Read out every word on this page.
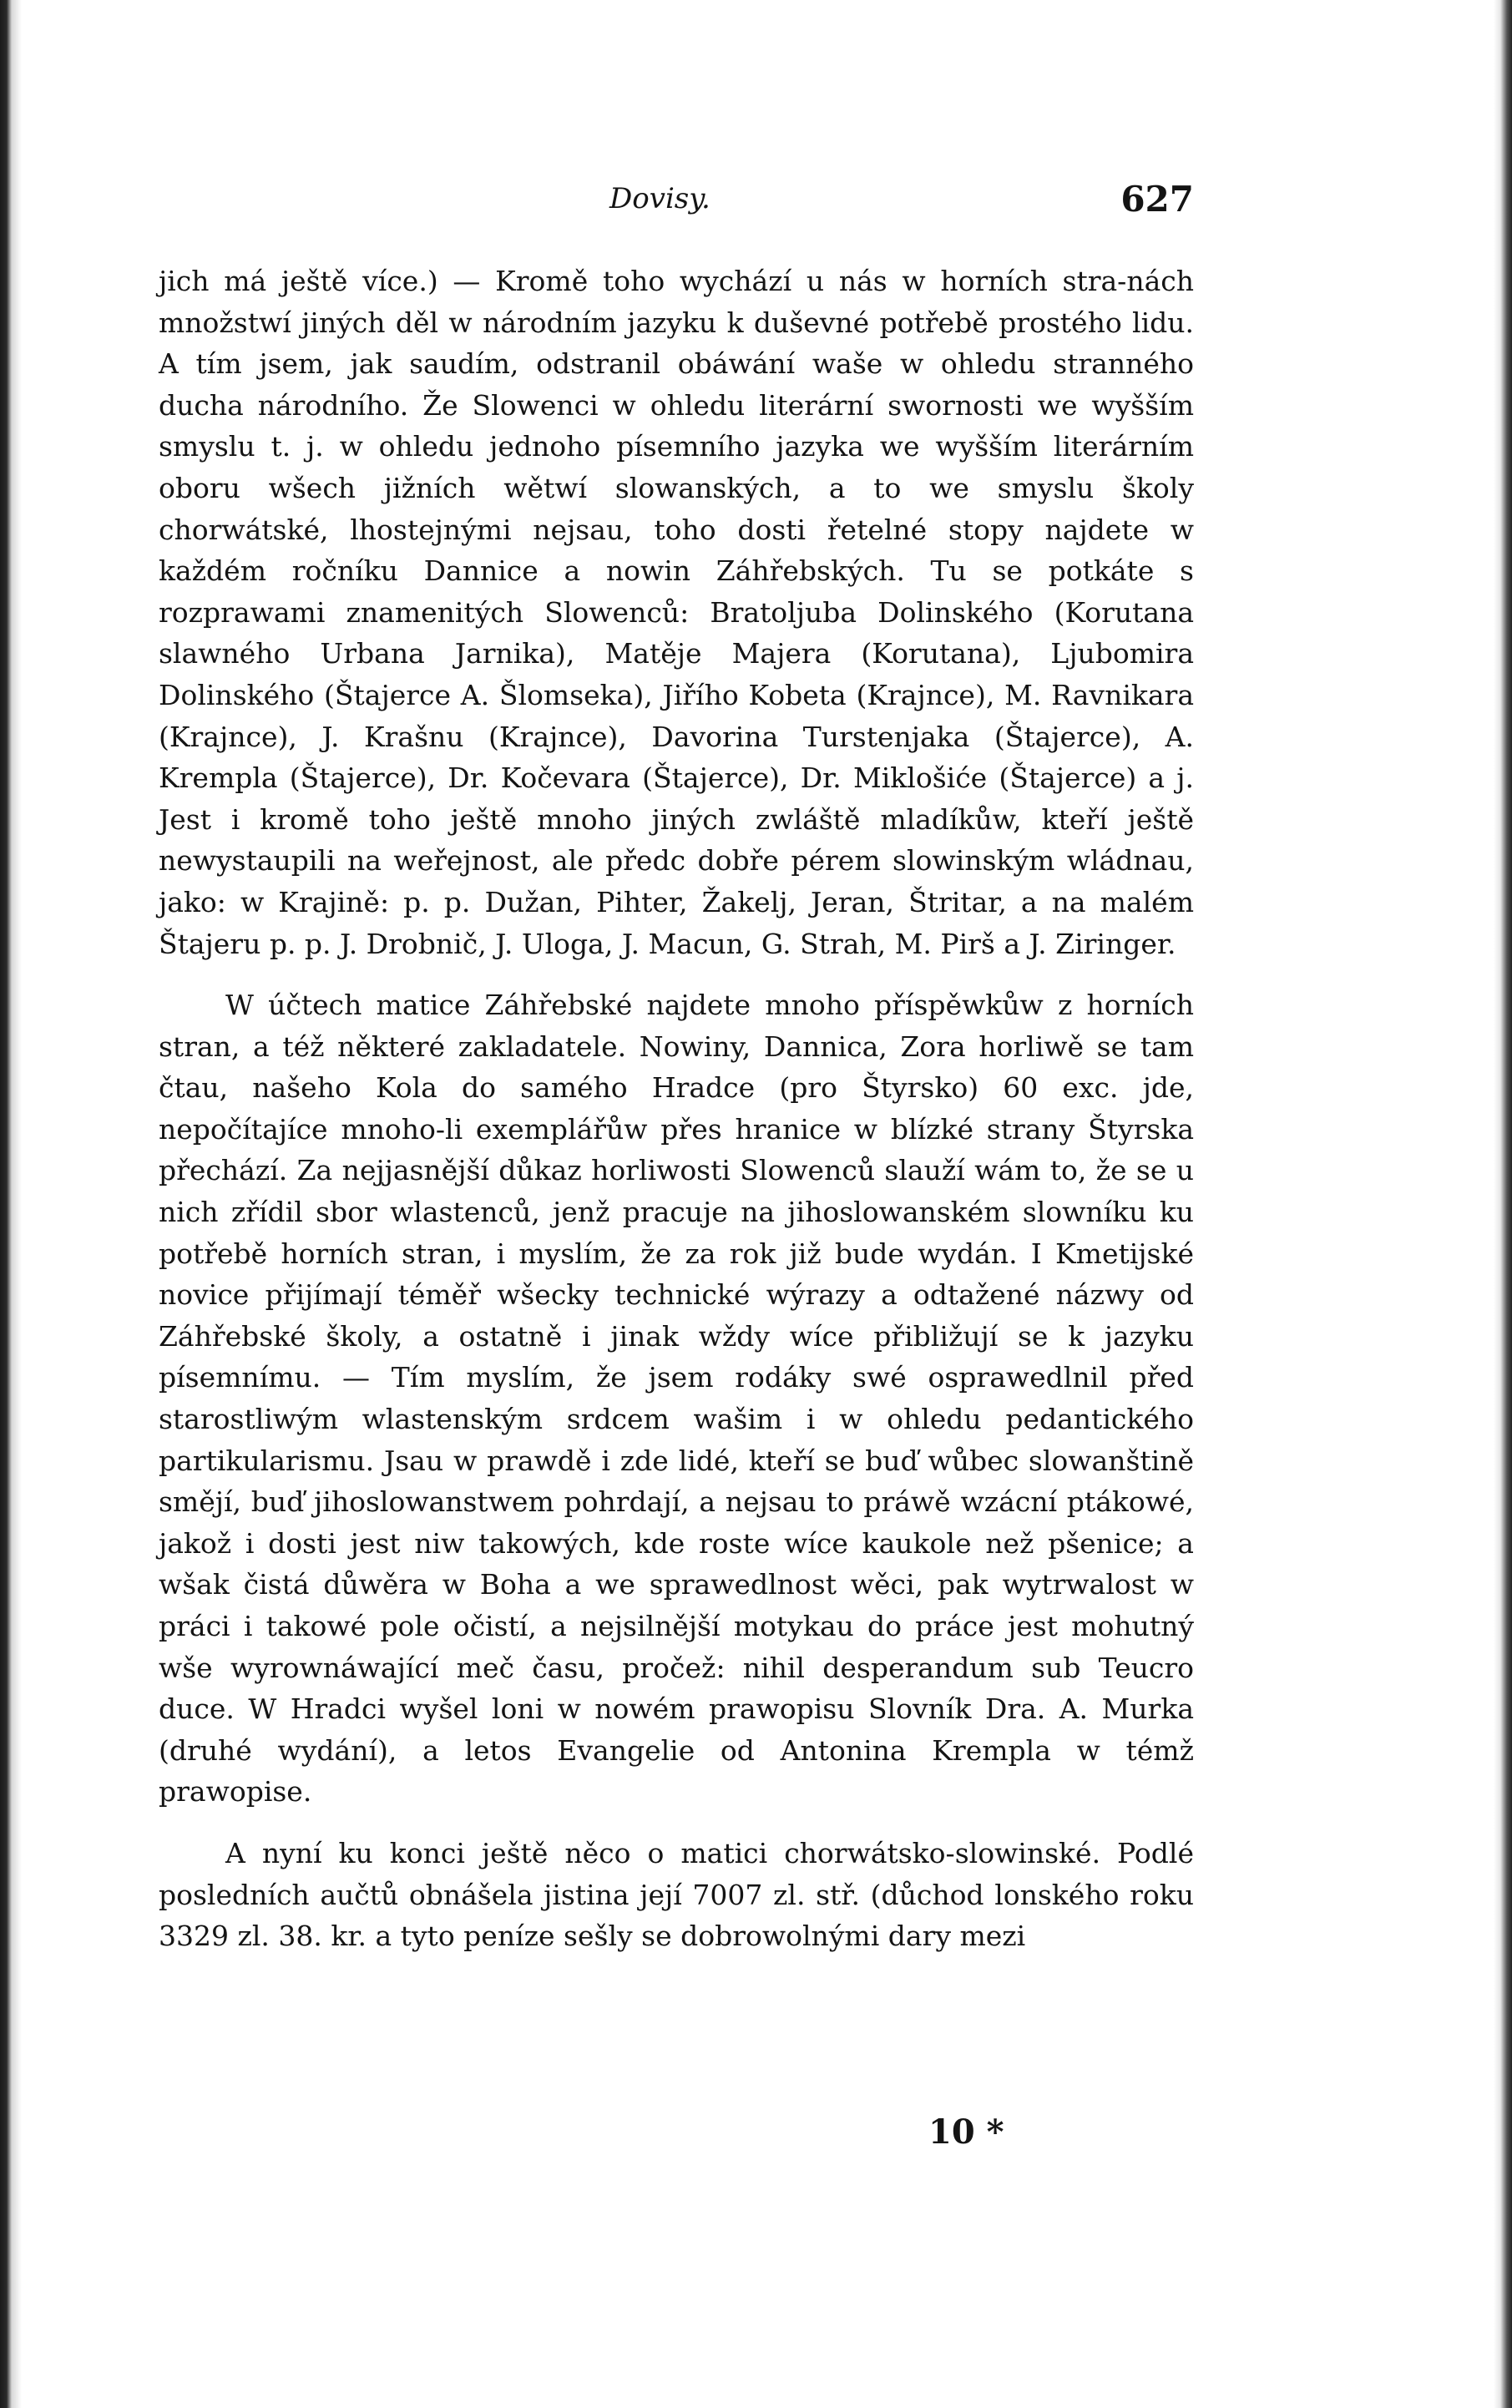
Dovisy.	627

jich má ještě více.) — Kromě toho wychází u nás w horních stra-nách množstwí jiných děl w národním jazyku k duševné potřebě prostého lidu. A tím jsem, jak saudím, odstranil obáwání waše w ohledu stranného ducha národního. Že Slowenci w ohledu literární swornosti we wyšším smyslu t. j. w ohledu jednoho písemního jazyka we wyšším literárním oboru wšech jižních wětwí slowanských, a to we smyslu školy chorwátské, lhostejnými nejsau, toho dosti řetelné stopy najdete w každém ročníku Dannice a nowin Záhřebských. Tu se potkáte s rozprawami znamenitých Slowenců: Bratoljuba Dolinského (Korutana slawného Urbana Jarnika), Matěje Majera (Korutana), Ljubomira Dolinského (Štajerce A. Šlomseka), Jiřího Kobeta (Krajnce), M. Ravnikara (Krajnce), J. Krašnu (Krajnce), Davorina Turstenjaka (Štajerce), A. Krempla (Štajerce), Dr. Kočevara (Štajerce), Dr. Miklošiće (Štajerce) a j. Jest i kromě toho ještě mnoho jiných zwláště mladíkůw, kteří ještě newystaupili na weřejnost, ale předc dobře pérem slowinským wládnau, jako: w Krajině: p. p. Dužan, Pihter, Žakelj, Jeran, Štritar, a na malém Štajeru p. p. J. Drobnič, J. Uloga, J. Macun, G. Strah, M. Pirš a J. Ziringer.

W účtech matice Záhřebské najdete mnoho příspěwkůw z horních stran, a též některé zakladatele. Nowiny, Dannica, Zora horliwě se tam čtau, našeho Kola do samého Hradce (pro Štyrsko) 60 exc. jde, nepočítajíce mnoho-li exemplářůw přes hranice w blízké strany Štyrska přechází. Za nejjasnější důkaz horliwosti Slowenců slauží wám to, že se u nich zřídil sbor wlastenců, jenž pracuje na jihoslowanském slowníku ku potřebě horních stran, i myslím, že za rok již bude wydán. I Kmetijské novice přijímají téměř wšecky technické wýrazy a odtažené názwy od Záhřebské školy, a ostatně i jinak wždy wíce přibližují se k jazyku písemnímu. — Tím myslím, že jsem rodáky swé osprawedlnil před starostliwým wlastenským srdcem wašim i w ohledu pedantického partikularismu. Jsau w prawdě i zde lidé, kteří se buď wůbec slowanštině smějí, buď jihoslowanstwem pohrdají, a nejsau to práwě wzácní ptákowé, jakož i dosti jest niw takowých, kde roste wíce kaukole než pšenice; a wšak čistá důwěra w Boha a we sprawedlnost wěci, pak wytrwalost w práci i takowé pole očistí, a nejsilnější motykau do práce jest mohutný wše wyrownáwající meč času, pročež: nihil desperandum sub Teucro duce. W Hradci wyšel loni w nowém prawopisu Slovník Dra. A. Murka (druhé wydání), a letos Evangelie od Antonina Krempla w témž prawopise.

A nyní ku konci ještě něco o matici chorwátsko-slowinské. Podlé posledních aučtů obnášela jistina její 7007 zl. stř. (důchod lonského roku 3329 zl. 38. kr. a tyto peníze sešly se dobrowolnými dary mezi

10 *
